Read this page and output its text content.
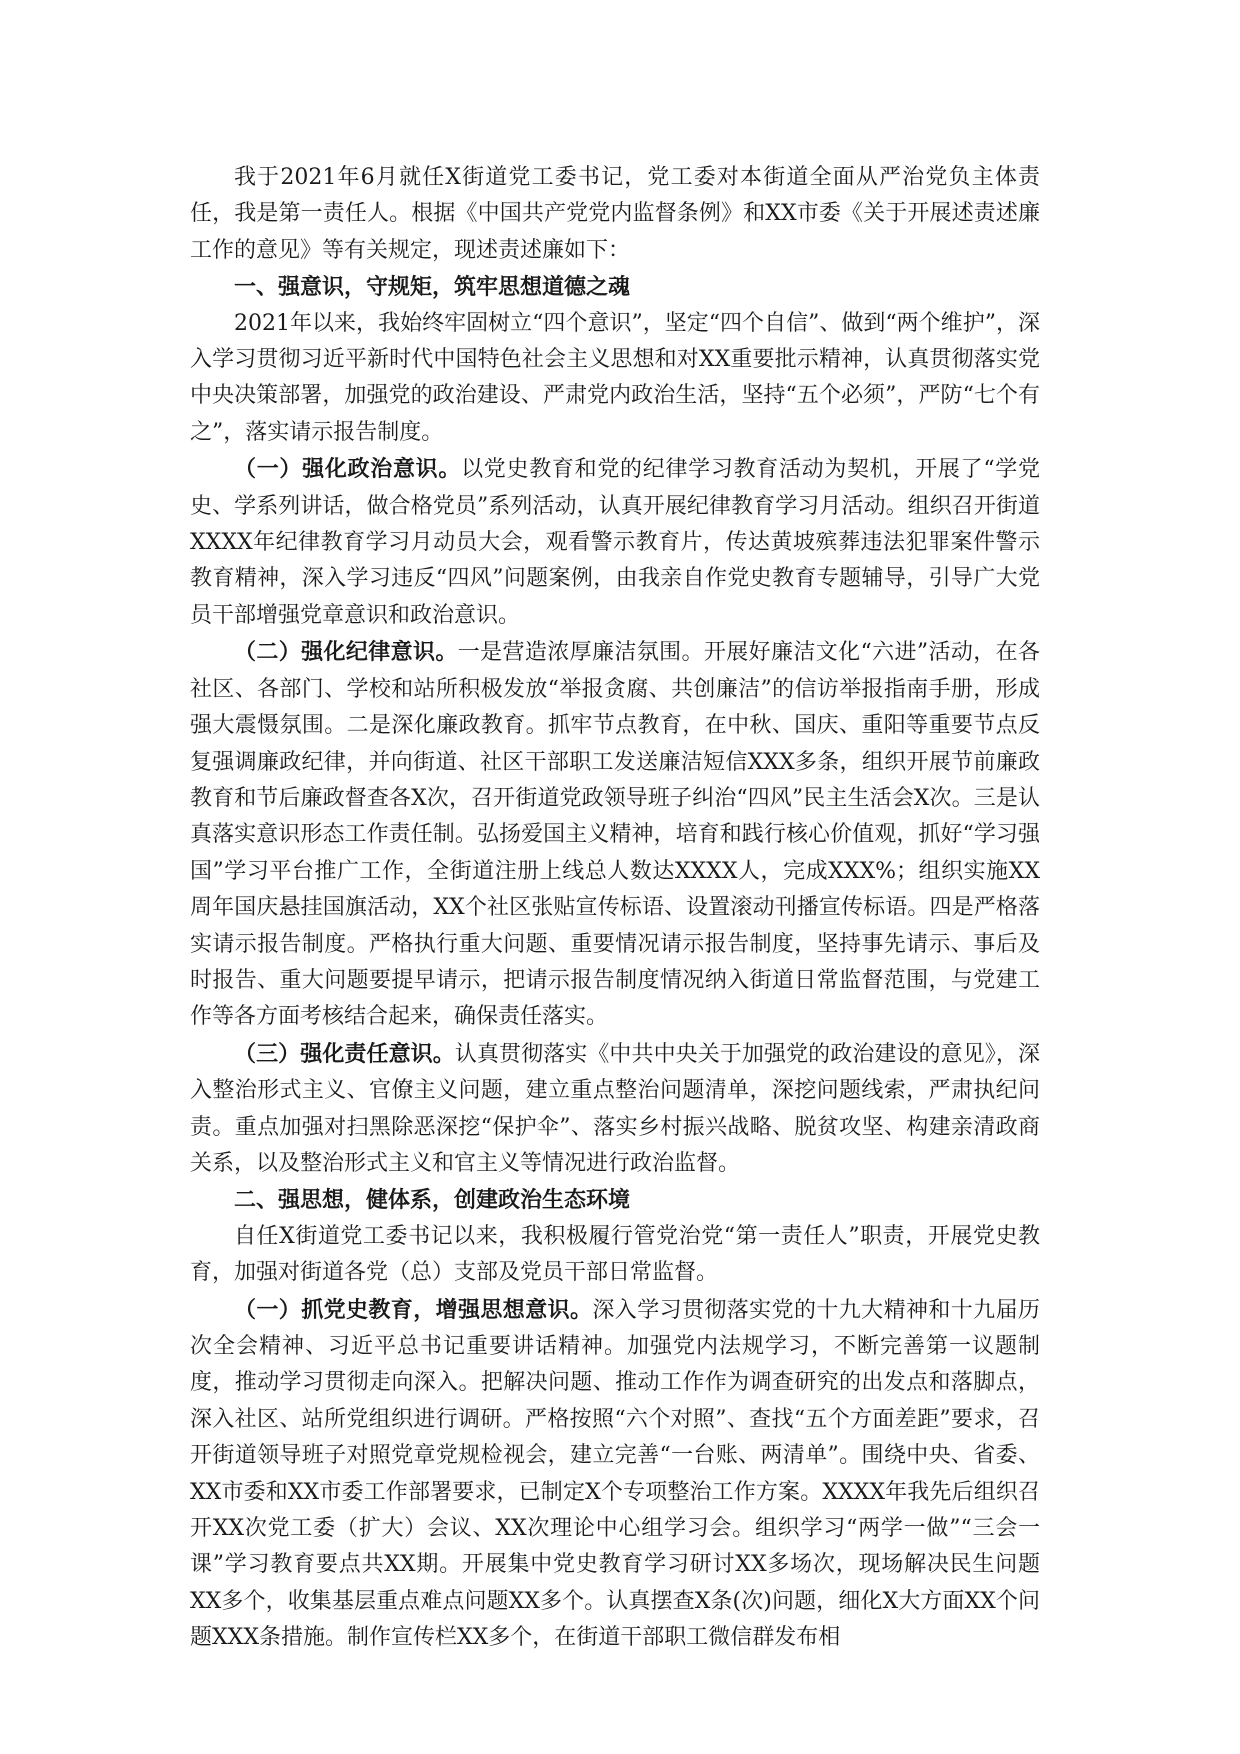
我于2021年6月就任X街道党工委书记，党工委对本街道全面从严治党负主体责任，我是第一责任人。根据《中国共产党党内监督条例》和XX市委《关于开展述责述廉工作的意见》等有关规定，现述责述廉如下：

一、强意识，守规矩，筑牢思想道德之魂

2021年以来，我始终牢固树立“四个意识”，坚定“四个自信”、做到“两个维护”，深入学习贯彻习近平新时代中国特色社会主义思想和对XX重要批示精神，认真贯彻落实党中央决策部署，加强党的政治建设、严肃党内政治生活，坚持“五个必须”，严防“七个有之”，落实请示报告制度。

（一）强化政治意识。以党史教育和党的纪律学习教育活动为契机，开展了“学党史、学系列讲话，做合格党员”系列活动，认真开展纪律教育学习月活动。组织召开街道XXXX年纪律教育学习月动员大会，观看警示教育片，传达黄坡殡葬违法犯罪案件警示教育精神，深入学习违反“四风”问题案例，由我亲自作党史教育专题辅导，引导广大党员干部增强党章意识和政治意识。

（二）强化纪律意识。一是营造浓厚廉洁氛围。开展好廉洁文化“六进”活动，在各社区、各部门、学校和站所积极发放“举报贪腐、共创廉洁”的信访举报指南手册，形成强大震慑氛围。二是深化廉政教育。抓牢节点教育，在中秋、国庆、重阳等重要节点反复强调廉政纪律，并向街道、社区干部职工发送廉洁短信XXX多条，组织开展节前廉政教育和节后廉政督查各X次，召开街道党政领导班子纠治“四风”民主生活会X次。三是认真落实意识形态工作责任制。弘扬爱国主义精神，培育和践行核心价值观，抓好“学习强国”学习平台推广工作，全街道注册上线总人数达XXXX人，完成XXX%；组织实施XX周年国庆悬挂国旗活动，XX个社区张贴宣传标语、设置滚动刊播宣传标语。四是严格落实请示报告制度。严格执行重大问题、重要情况请示报告制度，坚持事先请示、事后及时报告、重大问题要提早请示，把请示报告制度情况纳入街道日常监督范围，与党建工作等各方面考核结合起来，确保责任落实。

（三）强化责任意识。认真贯彻落实《中共中央关于加强党的政治建设的意见》，深入整治形式主义、官僚主义问题，建立重点整治问题清单，深挖问题线索，严肃执纪问责。重点加强对扫黑除恶深挖“保护伞”、落实乡村振兴战略、脱贫攻坚、构建亲清政商关系，以及整治形式主义和官主义等情况进行政治监督。

二、强思想，健体系，创建政治生态环境

自任X街道党工委书记以来，我积极履行管党治党“第一责任人”职责，开展党史教育，加强对街道各党（总）支部及党员干部日常监督。

（一）抓党史教育，增强思想意识。深入学习贯彻落实党的十九大精神和十九届历次全会精神、习近平总书记重要讲话精神。加强党内法规学习，不断完善第一议题制度，推动学习贯彻走向深入。把解决问题、推动工作作为调查研究的出发点和落脚点，深入社区、站所党组织进行调研。严格按照“六个对照”、查找“五个方面差距”要求，召开街道领导班子对照党章党规检视会，建立完善“一台账、两清单”。围绕中央、省委、XX市委和XX市委工作部署要求，已制定X个专项整治工作方案。XXXX年我先后组织召开XX次党工委（扩大）会议、XX次理论中心组学习会。组织学习“两学一做”“三会一课”学习教育要点共XX期。开展集中党史教育学习研讨XX多场次，现场解决民生问题XX多个，收集基层重点难点问题XX多个。认真摆查X条(次)问题，细化X大方面XX个问题XXX条措施。制作宣传栏XX多个，在街道干部职工微信群发布相
